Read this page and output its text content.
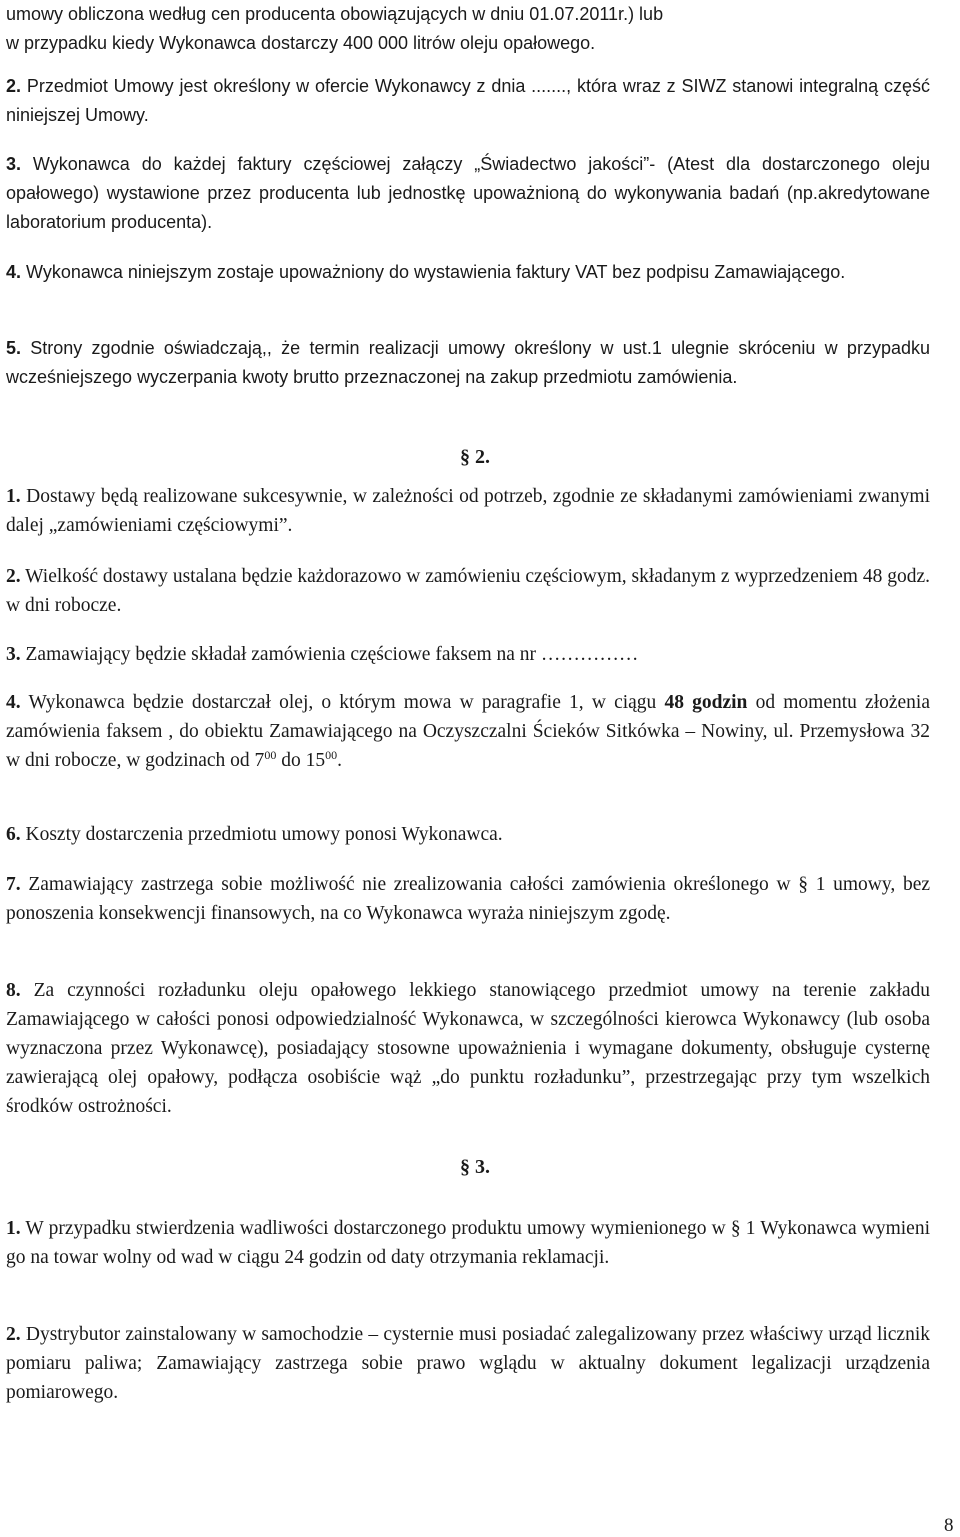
umowy obliczona według cen producenta obowiązujących w dniu 01.07.2011r.) lub
w przypadku kiedy Wykonawca dostarczy 400 000 litrów oleju opałowego.

2. Przedmiot Umowy jest określony w ofercie Wykonawcy z dnia ......., która wraz z SIWZ stanowi integralną część niniejszej Umowy.

3. Wykonawca do każdej faktury częściowej załączy „Świadectwo jakości”- (Atest dla dostarczonego oleju opałowego) wystawione przez producenta lub jednostkę upoważnioną do wykonywania badań (np.akredytowane laboratorium producenta).

4. Wykonawca niniejszym zostaje upoważniony do wystawienia faktury VAT bez podpisu Zamawiającego.

5. Strony zgodnie oświadczają,, że termin realizacji umowy określony w ust.1 ulegnie skróceniu w przypadku wcześniejszego wyczerpania kwoty brutto przeznaczonej na zakup przedmiotu zamówienia.

§ 2.

1. Dostawy będą realizowane sukcesywnie, w zależności od potrzeb, zgodnie ze składanymi zamówieniami zwanymi dalej „zamówieniami częściowymi”.

2. Wielkość dostawy ustalana będzie każdorazowo w zamówieniu częściowym, składanym z wyprzedzeniem 48 godz. w dni robocze.

3. Zamawiający będzie składał zamówienia częściowe faksem na nr ……………

4. Wykonawca będzie dostarczał olej, o którym mowa w paragrafie 1, w ciągu 48 godzin od momentu złożenia zamówienia faksem , do obiektu Zamawiającego na Oczyszczalni Ścieków Sitkówka – Nowiny, ul. Przemysłowa 32 w dni robocze, w godzinach od $7^{00}$ do $15^{00}$.

6. Koszty dostarczenia przedmiotu umowy ponosi Wykonawca.

7. Zamawiający zastrzega sobie możliwość nie zrealizowania całości zamówienia określonego w § 1 umowy, bez ponoszenia konsekwencji finansowych, na co Wykonawca wyraża niniejszym zgodę.

8. Za czynności rozładunku oleju opałowego lekkiego stanowiącego przedmiot umowy na terenie zakładu Zamawiającego w całości ponosi odpowiedzialność Wykonawca, w szczególności kierowca Wykonawcy (lub osoba wyznaczona przez Wykonawcę), posiadający stosowne upoważnienia i wymagane dokumenty, obsługuje cysternę zawierającą olej opałowy, podłącza osobiście wąż „do punktu rozładunku”, przestrzegając przy tym wszelkich środków ostrożności.

§ 3.

1. W przypadku stwierdzenia wadliwości dostarczonego produktu umowy wymienionego w § 1 Wykonawca wymieni go na towar wolny od wad w ciągu 24 godzin od daty otrzymania reklamacji.

2. Dystrybutor zainstalowany w samochodzie – cysternie musi posiadać zalegalizowany przez właściwy urząd licznik pomiaru paliwa; Zamawiający zastrzega sobie prawo wglądu w aktualny dokument legalizacji urządzenia pomiarowego.

8
